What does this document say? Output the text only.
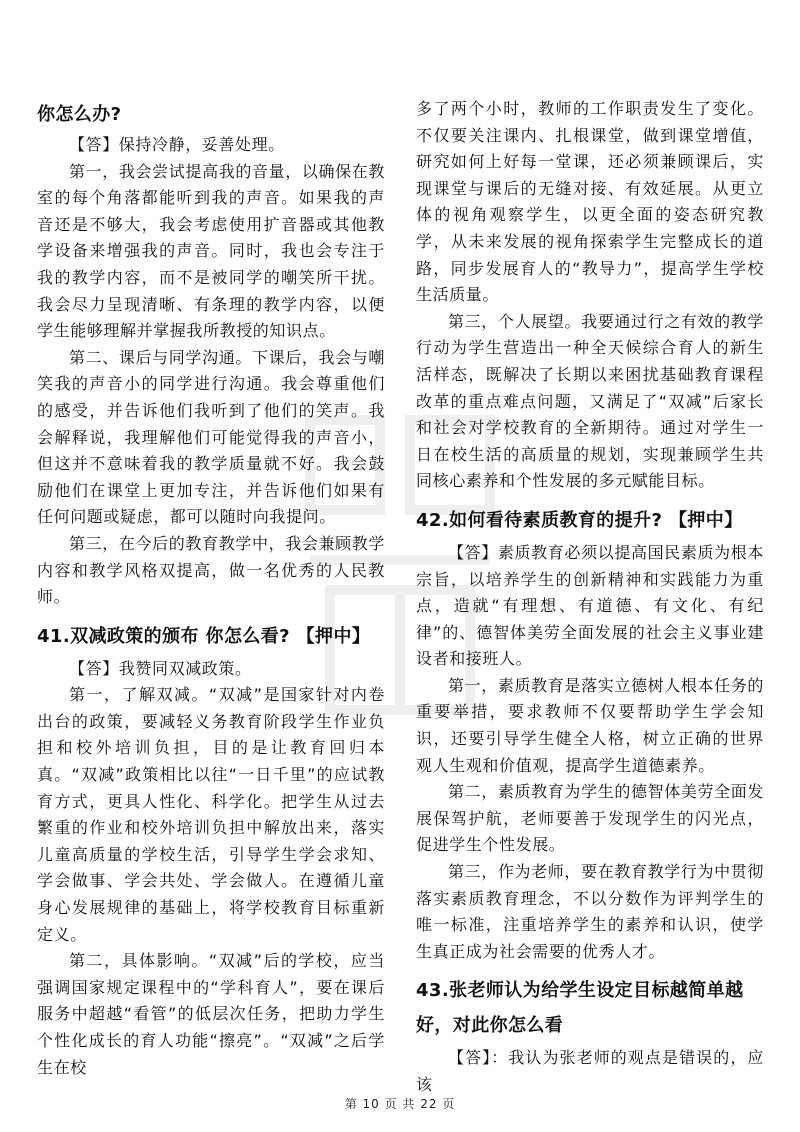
你怎么办?

【答】保持冷静，妥善处理。

第一，我会尝试提高我的音量，以确保在教室的每个角落都能听到我的声音。如果我的声音还是不够大，我会考虑使用扩音器或其他教学设备来增强我的声音。同时，我也会专注于我的教学内容，而不是被同学的嘲笑所干扰。我会尽力呈现清晰、有条理的教学内容，以便学生能够理解并掌握我所教授的知识点。

第二、课后与同学沟通。下课后，我会与嘲笑我的声音小的同学进行沟通。我会尊重他们的感受，并告诉他们我听到了他们的笑声。我会解释说，我理解他们可能觉得我的声音小，但这并不意味着我的教学质量就不好。我会鼓励他们在课堂上更加专注，并告诉他们如果有任何问题或疑虑，都可以随时向我提问。

第三，在今后的教育教学中，我会兼顾教学内容和教学风格双提高，做一名优秀的人民教师。

41.双减政策的颁布 你怎么看? 【押中】

【答】我赞同双减政策。

第一，了解双减。“双减”是国家针对内卷出台的政策，要减轻义务教育阶段学生作业负担和校外培训负担，目的是让教育回归本真。“双减”政策相比以往“一日千里”的应试教育方式，更具人性化、科学化。把学生从过去繁重的作业和校外培训负担中解放出来，落实儿童高质量的学校生活，引导学生学会求知、学会做事、学会共处、学会做人。在遵循儿童身心发展规律的基础上，将学校教育目标重新定义。

第二，具体影响。“双减”后的学校，应当强调国家规定课程中的“学科育人”，要在课后服务中超越“看管”的低层次任务，把助力学生个性化成长的育人功能“擦亮”。“双减”之后学生在校

多了两个小时，教师的工作职责发生了变化。不仅要关注课内、扎根课堂，做到课堂增值，研究如何上好每一堂课，还必须兼顾课后，实现课堂与课后的无缝对接、有效延展。从更立体的视角观察学生，以更全面的姿态研究教学，从未来发展的视角探索学生完整成长的道路，同步发展育人的“教导力”，提高学生学校生活质量。

第三，个人展望。我要通过行之有效的教学行动为学生营造出一种全天候综合育人的新生活样态，既解决了长期以来困扰基础教育课程改革的重点难点问题，又满足了“双减”后家长和社会对学校教育的全新期待。通过对学生一日在校生活的高质量的规划，实现兼顾学生共同核心素养和个性发展的多元赋能目标。

42.如何看待素质教育的提升? 【押中】

【答】素质教育必须以提高国民素质为根本宗旨，以培养学生的创新精神和实践能力为重点，造就“有理想、有道德、有文化、有纪律”的、德智体美劳全面发展的社会主义事业建设者和接班人。

第一，素质教育是落实立德树人根本任务的重要举措，要求教师不仅要帮助学生学会知识，还要引导学生健全人格，树立正确的世界观人生观和价值观，提高学生道德素养。

第二，素质教育为学生的德智体美劳全面发展保驾护航，老师要善于发现学生的闪光点，促进学生个性发展。

第三，作为老师，要在教育教学行为中贯彻落实素质教育理念，不以分数作为评判学生的唯一标准，注重培养学生的素养和认识，使学生真正成为社会需要的优秀人才。

43.张老师认为给学生设定目标越简单越好，对此你怎么看

【答】：我认为张老师的观点是错误的，应该

第 10 页 共 22 页
